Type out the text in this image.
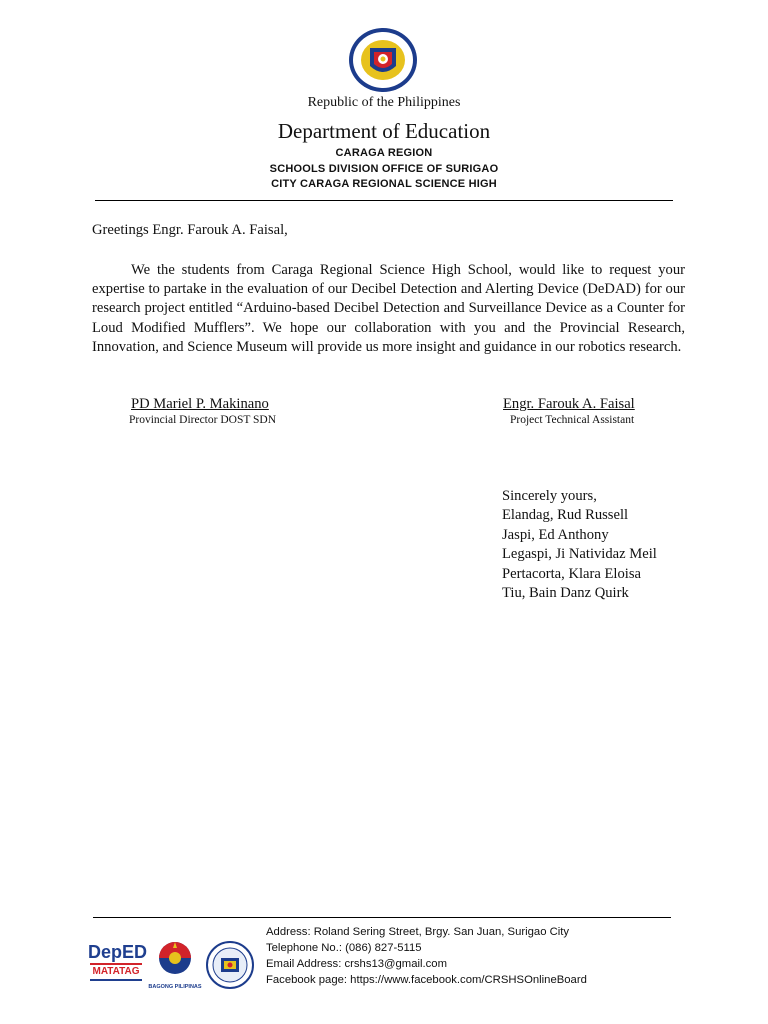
Republic of the Philippines
Department of Education
CARAGA REGION
SCHOOLS DIVISION OFFICE OF SURIGAO
CITY CARAGA REGIONAL SCIENCE HIGH
Greetings Engr. Farouk A. Faisal,
We the students from Caraga Regional Science High School, would like to request your expertise to partake in the evaluation of our Decibel Detection and Alerting Device (DeDAD) for our research project entitled “Arduino-based Decibel Detection and Surveillance Device as a Counter for Loud Modified Mufflers”. We hope our collaboration with you and the Provincial Research, Innovation, and Science Museum will provide us more insight and guidance in our robotics research.
PD Mariel P. Makinano
Provincial Director DOST SDN
Engr. Farouk A. Faisal
Project Technical Assistant
Sincerely yours,
Elandag, Rud Russell
Jaspi, Ed Anthony
Legaspi, Ji Natividaz Meil
Pertacorta, Klara Eloisa
Tiu, Bain Danz Quirk
DepED
MATATAG
BAGONG PILIPINAS
Address: Roland Sering Street, Brgy. San Juan, Surigao City
Telephone No.: (086) 827-5115
Email Address: crshs13@gmail.com
Facebook page: https://www.facebook.com/CRSHSOnlineBoard
